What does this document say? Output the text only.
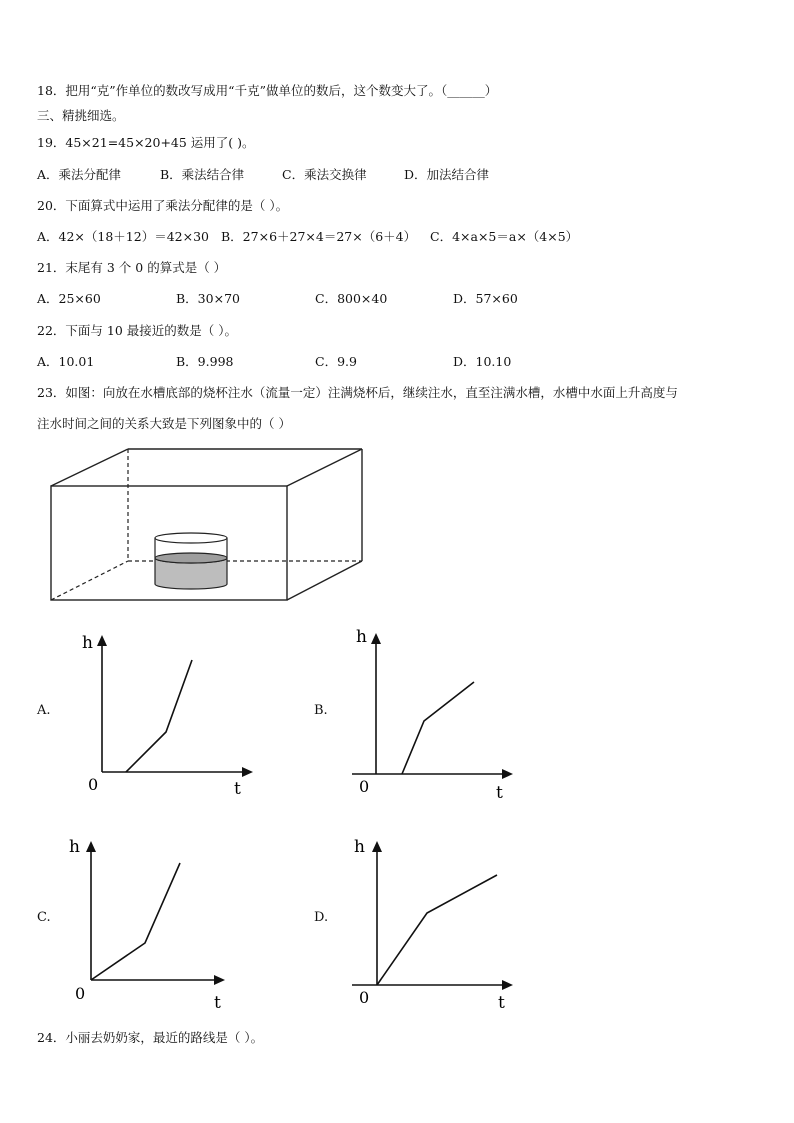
18．把用“克”作单位的数改写成用“千克”做单位的数后，这个数变大了。（______）
三、精挑细选。
19．45×21=45×20+45 运用了( )。
A．乘法分配律	B．乘法结合律	C．乘法交换律	D．加法结合律
20．下面算式中运用了乘法分配律的是（ ）。
A．42×（18＋12）＝42×30 B．27×6＋27×4＝27×（6＋4） C．4×a×5＝a×（4×5）
21．末尾有 3 个 0 的算式是（ ）
A．25×60	B．30×70	C．800×40	D．57×60
22．下面与 10 最接近的数是（ ）。
A．10.01	B．9.998	C．9.9	D．10.10
23．如图：向放在水槽底部的烧杯注水（流量一定）注满烧杯后，继续注水，直至注满水槽，水槽中水面上升高度与
注水时间之间的关系大致是下列图象中的（ ）
A.
h
t
0
B.
h
t
0
C.
h
t
0
D.
h
t
0
24．小丽去奶奶家，最近的路线是（ ）。
